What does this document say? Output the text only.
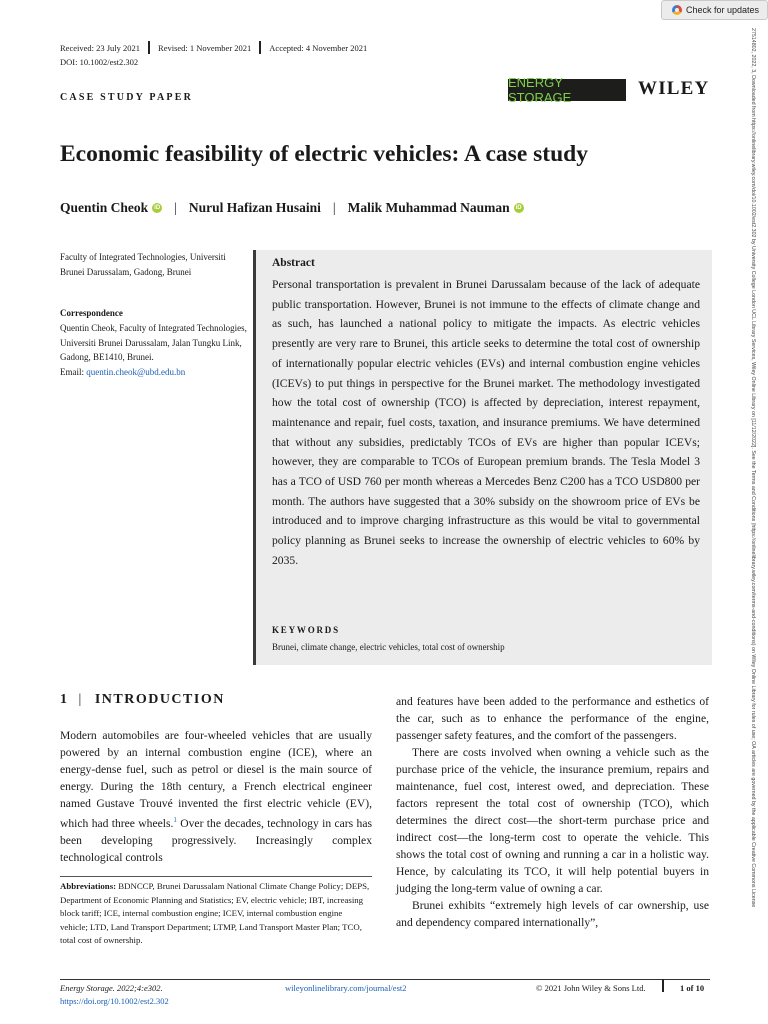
Check for updates
27514802, 2022, 3, Downloaded from https://onlinelibrary.wiley.com/doi/10.1002/est2.302 by University College London UCL Library Services, Wiley Online Library on [11/12/2022]. See the Terms and Conditions (https://onlinelibrary.wiley.com/terms-and-conditions) on Wiley Online Library for rules of use; OA articles are governed by the applicable Creative Commons License
Received: 23 July 2021 Revised: 1 November 2021 Accepted: 4 November 2021
DOI: 10.1002/est2.302
CASE STUDY PAPER
ENERGY STORAGE	WILEY
Economic feasibility of electric vehicles: A case study
Quentin Cheok	iD | Nurul Hafizan Husaini | Malik Muhammad Nauman	iD
Faculty of Integrated Technologies, Universiti Brunei Darussalam, Gadong, Brunei
Correspondence
Quentin Cheok, Faculty of Integrated Technologies, Universiti Brunei Darussalam, Jalan Tungku Link, Gadong, BE1410, Brunei.
Email: quentin.cheok@ubd.edu.bn
Abstract
Personal transportation is prevalent in Brunei Darussalam because of the lack of adequate public transportation. However, Brunei is not immune to the effects of climate change and as such, has launched a national policy to mitigate the impacts. As electric vehicles presently are very rare to Brunei, this article seeks to determine the total cost of ownership of internationally popular electric vehicles (EVs) and internal combustion engine vehicles (ICEVs) to put things in perspective for the Brunei market. The methodology investigated how the total cost of ownership (TCO) is affected by depreciation, interest repayment, maintenance and repair, fuel costs, taxation, and insurance premiums. We have determined that without any subsidies, predictably TCOs of EVs are higher than popular ICEVs; however, they are comparable to TCOs of European premium brands. The Tesla Model 3 has a TCO of USD 760 per month whereas a Mercedes Benz C200 has a TCO USD800 per month. The authors have suggested that a 30% subsidy on the showroom price of EVs be introduced and to improve charging infrastructure as this would be vital to governmental policy planning as Brunei seeks to increase the ownership of electric vehicles to 60% by 2035.
KEYWORDS
Brunei, climate change, electric vehicles, total cost of ownership
1 | INTRODUCTION

Modern automobiles are four-wheeled vehicles that are usually powered by an internal combustion engine (ICE), where an energy-dense fuel, such as petrol or diesel is the main source of energy. During the 18th century, a French electrical engineer named Gustave Trouvé invented the first electric vehicle (EV), which had three wheels.$^1$ Over the decades, technology in cars has been developing progressively. Increasingly complex technological controls

and features have been added to the performance and esthetics of the car, such as to enhance the performance of the engine, passenger safety features, and the comfort of the passengers.

There are costs involved when owning a vehicle such as the purchase price of the vehicle, the insurance premium, repairs and maintenance, fuel cost, interest owed, and depreciation. These factors represent the total cost of ownership (TCO), which determines the direct cost—the short-term purchase price and indirect cost—the long-term cost to operate the vehicle. This shows the total cost of owning and running a car in a holistic way. Hence, by calculating its TCO, it will help potential buyers in judging the long-term value of owning a car.

Brunei exhibits “extremely high levels of car ownership, use and dependency compared internationally”,

Abbreviations: BDNCCP, Brunei Darussalam National Climate Change Policy; DEPS, Department of Economic Planning and Statistics; EV, electric vehicle; IBT, increasing block tariff; ICE, internal combustion engine; ICEV, internal combustion engine vehicle; LTD, Land Transport Department; LTMP, Land Transport Master Plan; TCO, total cost of ownership.
Energy Storage. 2022;4:e302.
https://doi.org/10.1002/est2.302
wileyonlinelibrary.com/journal/est2	© 2021 John Wiley & Sons Ltd.	1 of 10
